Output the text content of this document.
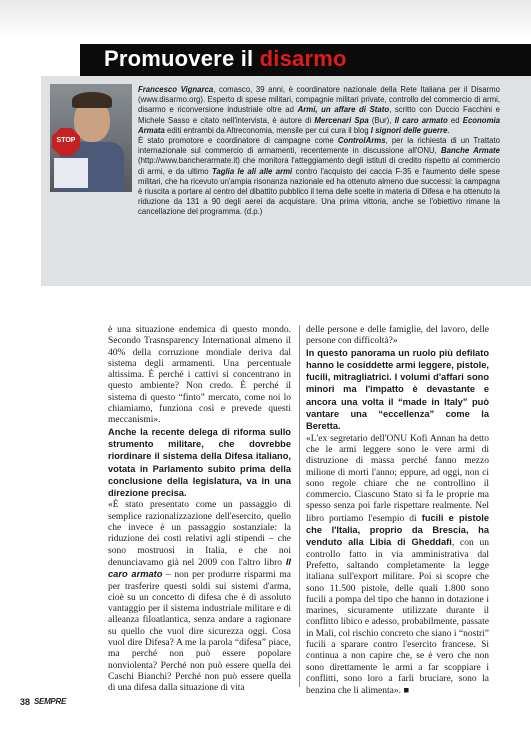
Promuovere il disarmo
STOP

Francesco Vignarca, comasco, 39 anni, è coordinatore nazionale della Rete Italiana per il Disarmo (www.disarmo.org). Esperto di spese militari, compagnie militari private, controllo del commercio di armi, disarmo e riconversione industriale oltre ad Armi, un affare di Stato, scritto con Duccio Facchini e Michele Sasso e citato nell'intervista, è autore di Mercenari Spa (Bur), Il caro armato ed Economia Armata editi entrambi da Altreconomia, mensile per cui cura il blog I signori delle guerre.

È stato promotore e coordinatore di campagne come ControlArms, per la richiesta di un Trattato internazionale sul commercio di armamenti, recentemente in discussione all'ONU, Banche Armate (http://www.bancherarmate.it) che monitora l'atteggiamento degli istituti di credito rispetto al commercio di armi, e da ultimo Taglia le ali alle armi contro l'acquisto dei caccia F-35 e l'aumento delle spese militari, che ha ricevuto un'ampia risonanza nazionale ed ha ottenuto almeno due successi: la campagna è riuscita a portare al centro del dibattito pubblico il tema delle scelte in materia di Difesa e ha ottenuto la riduzione da 131 a 90 degli aerei da acquistare. Una prima vittoria, anche se l'obiettivo rimane la cancellazione del programma. (d.p.)

è una situazione endemica di questo mondo. Secondo Trasnsparency International almeno il 40% della corruzione mondiale deriva dal sistema degli armamenti. Una percentuale altissima. È perché i cattivi si concentrano in questo ambiente? Non credo. È perché il sistema di questo “finto” mercato, come noi lo chiamiamo, funziona così e prevede questi meccanismi».

Anche la recente delega di riforma sullo strumento militare, che dovrebbe riordinare il sistema della Difesa italiano, votata in Parlamento subito prima della conclusione della legislatura, va in una direzione precisa.

«È stato presentato come un passaggio di semplice razionalizzazione dell'esercito, quello che invece è un passaggio sostanziale: la riduzione dei costi relativi agli stipendi – che sono mostruosi in Italia, e che noi denunciavamo già nel 2009 con l'altro libro Il caro armato – non per produrre risparmi ma per trasferire questi soldi sui sistemi d'arma, cioè su un concetto di difesa che è di assoluto vantaggio per il sistema industriale militare e di alleanza filoatlantica, senza andare a ragionare su quello che vuol dire sicurezza oggi. Cosa vuol dire Difesa? A me la parola “difesa” piace, ma perché non può essere popolare nonviolenta? Perché non può essere quella dei Caschi Bianchi? Perché non può essere quella di una difesa dalla situazione di vita

delle persone e delle famiglie, del lavoro, delle persone con difficoltà?»

In questo panorama un ruolo più defilato hanno le cosiddette armi leggere, pistole, fucili, mitragliatrici. I volumi d'affari sono minori ma l'impatto è devastante e ancora una volta il “made in Italy” può vantare una “eccellenza” come la Beretta.

«L'ex segretario dell'ONU Kofi Annan ha detto che le armi leggere sono le vere armi di distruzione di massa perché fanno mezzo milione di morti l'anno; eppure, ad oggi, non ci sono regole chiare che ne controllino il commercio. Ciascuno Stato si fa le proprie ma spesso senza poi farle rispettare realmente. Nel libro portiamo l'esempio di fucili e pistole che l'Italia, proprio da Brescia, ha venduto alla Libia di Gheddafi, con un controllo fatto in via amministrativa dal Prefetto, saltando completamente la legge italiana sull'export militare. Poi si scopre che sono 11.500 pistole, delle quali 1.800 sono fucili a pompa del tipo che hanno in dotazione i marines, sicuramente utilizzate durante il conflitto libico e adesso, probabilmente, passate in Mali, col rischio concreto che siano i “nostri” fucili a sparare contro l'esercito francese. Si continua a non capire che, se è vero che non sono direttamente le armi a far scoppiare i conflitti, sono loro a farli bruciare, sono la benzina che li alimenta». ■

38 SEMPRE
